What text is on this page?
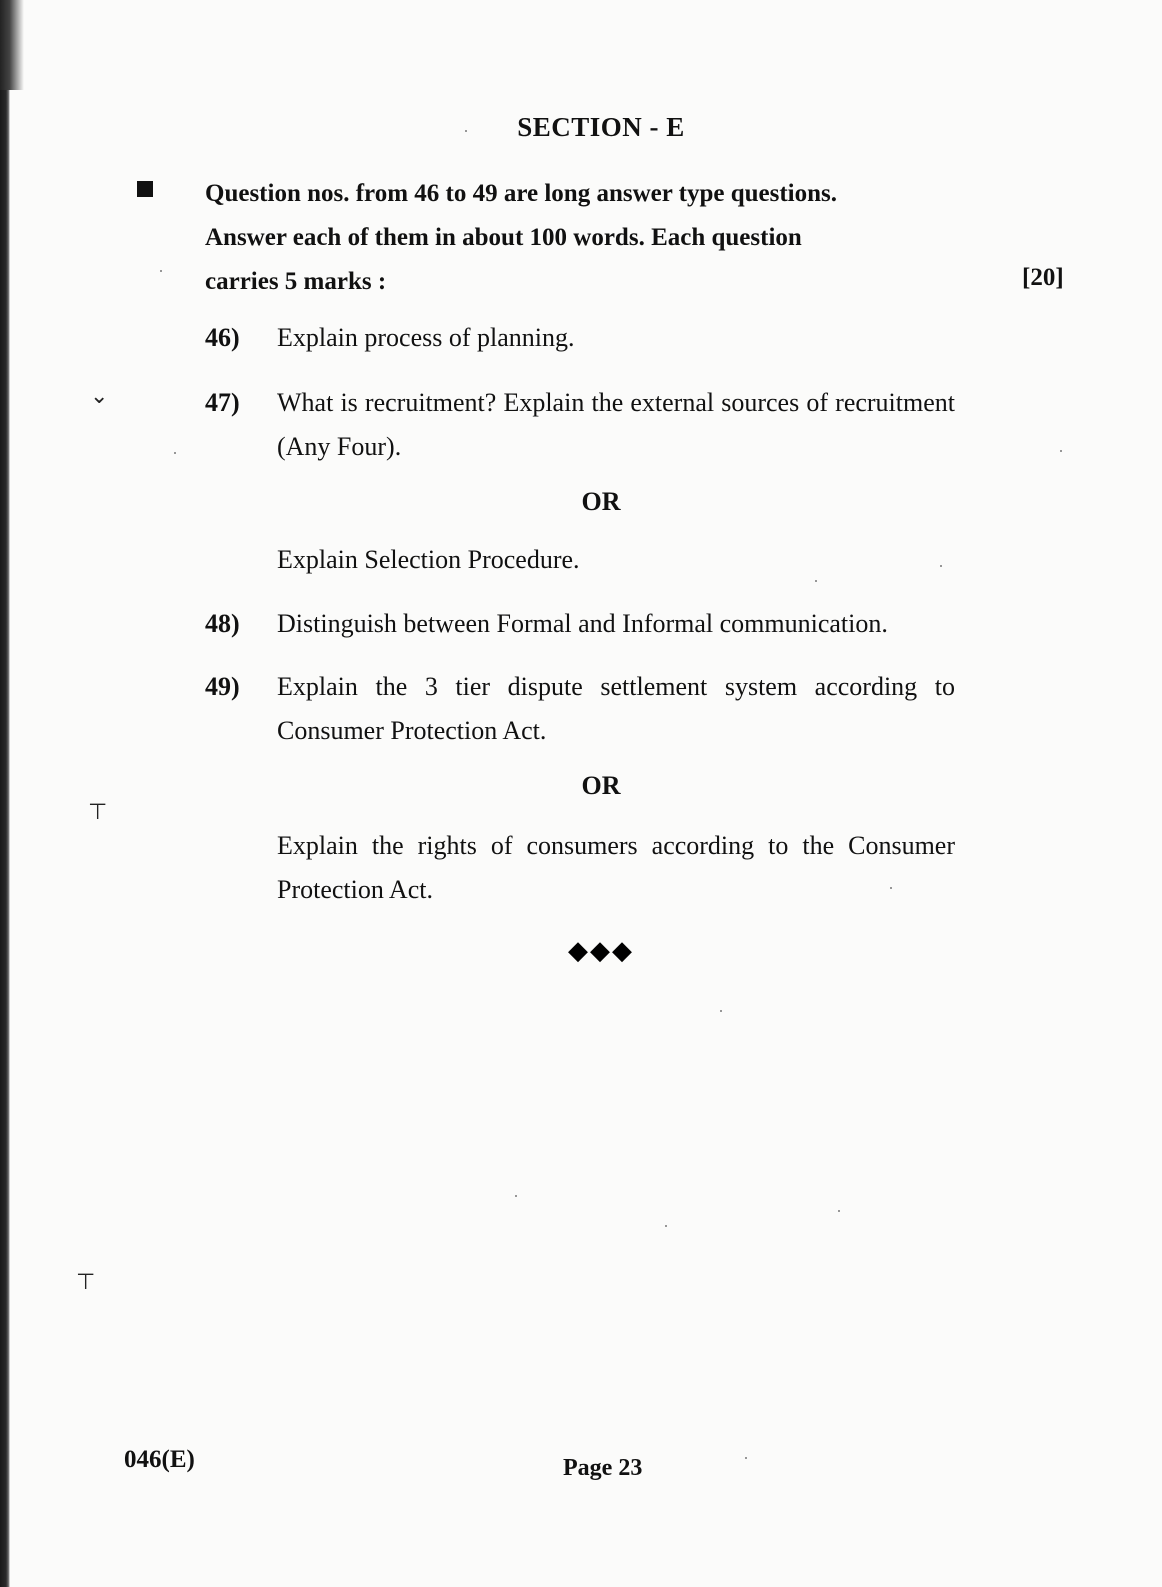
⌄
⊤
⊤
SECTION - E
Question nos. from 46 to 49 are long answer type questions.
Answer each of them in about 100 words. Each question
carries 5 marks :	[20]
46)	Explain process of planning.
47)	What is recruitment? Explain the external sources of recruitment (Any Four).
OR
Explain Selection Procedure.
48)	Distinguish between Formal and Informal communication.
49)	Explain the 3 tier dispute settlement system according to Consumer Protection Act.
OR
Explain the rights of consumers according to the Consumer Protection Act.
◆◆◆
046(E)	Page 23
